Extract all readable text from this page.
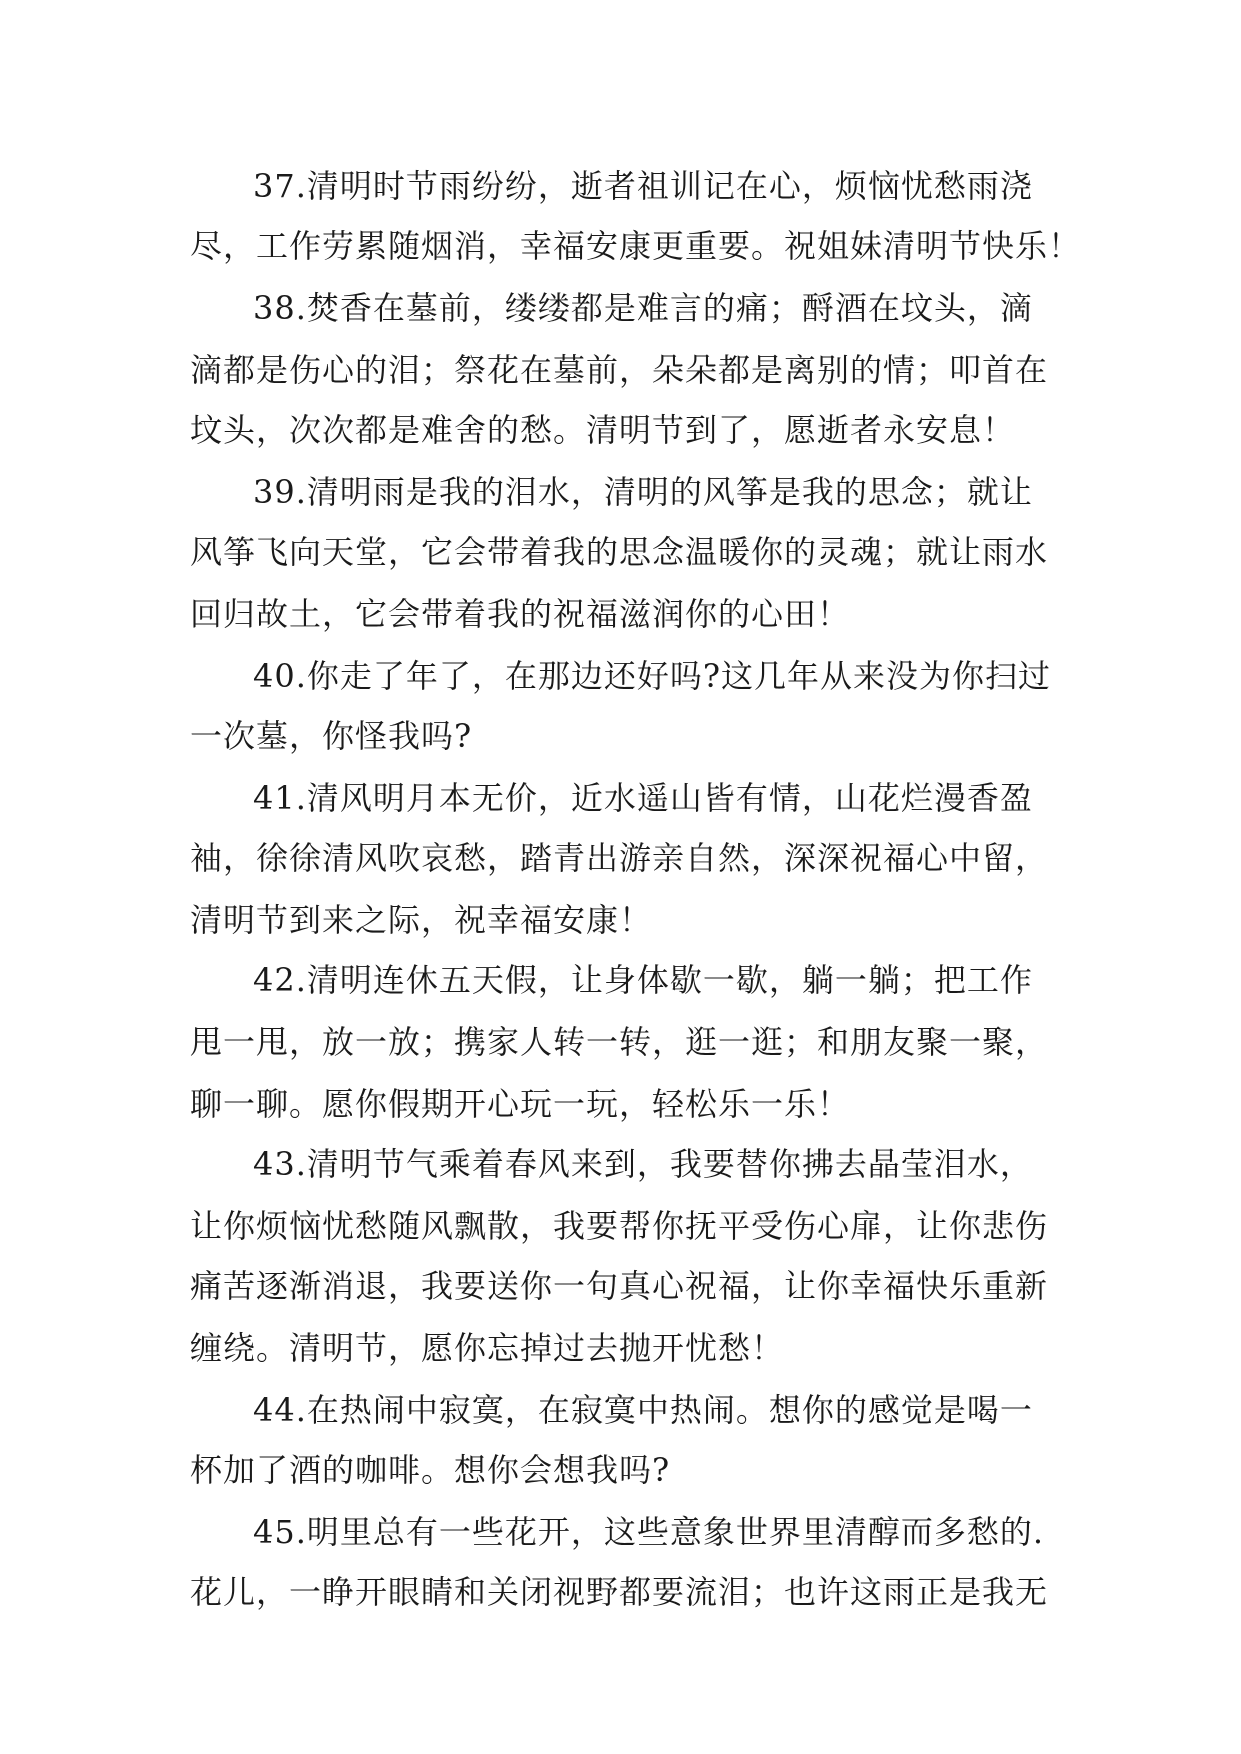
37.清明时节雨纷纷，逝者祖训记在心，烦恼忧愁雨浇
尽，工作劳累随烟消，幸福安康更重要。祝姐妹清明节快乐！
38.焚香在墓前，缕缕都是难言的痛；酹酒在坟头，滴
滴都是伤心的泪；祭花在墓前，朵朵都是离别的情；叩首在
坟头，次次都是难舍的愁。清明节到了，愿逝者永安息！
39.清明雨是我的泪水，清明的风筝是我的思念；就让
风筝飞向天堂，它会带着我的思念温暖你的灵魂；就让雨水
回归故土，它会带着我的祝福滋润你的心田！
40.你走了年了，在那边还好吗?这几年从来没为你扫过
一次墓，你怪我吗?
41.清风明月本无价，近水遥山皆有情，山花烂漫香盈
袖，徐徐清风吹哀愁，踏青出游亲自然，深深祝福心中留，
清明节到来之际，祝幸福安康！
42.清明连休五天假，让身体歇一歇，躺一躺；把工作
甩一甩，放一放；携家人转一转，逛一逛；和朋友聚一聚，
聊一聊。愿你假期开心玩一玩，轻松乐一乐！
43.清明节气乘着春风来到，我要替你拂去晶莹泪水，
让你烦恼忧愁随风飘散，我要帮你抚平受伤心扉，让你悲伤
痛苦逐渐消退，我要送你一句真心祝福，让你幸福快乐重新
缠绕。清明节，愿你忘掉过去抛开忧愁！
44.在热闹中寂寞，在寂寞中热闹。想你的感觉是喝一
杯加了酒的咖啡。想你会想我吗?
45.明里总有一些花开，这些意象世界里清醇而多愁的.
花儿，一睁开眼睛和关闭视野都要流泪；也许这雨正是我无
